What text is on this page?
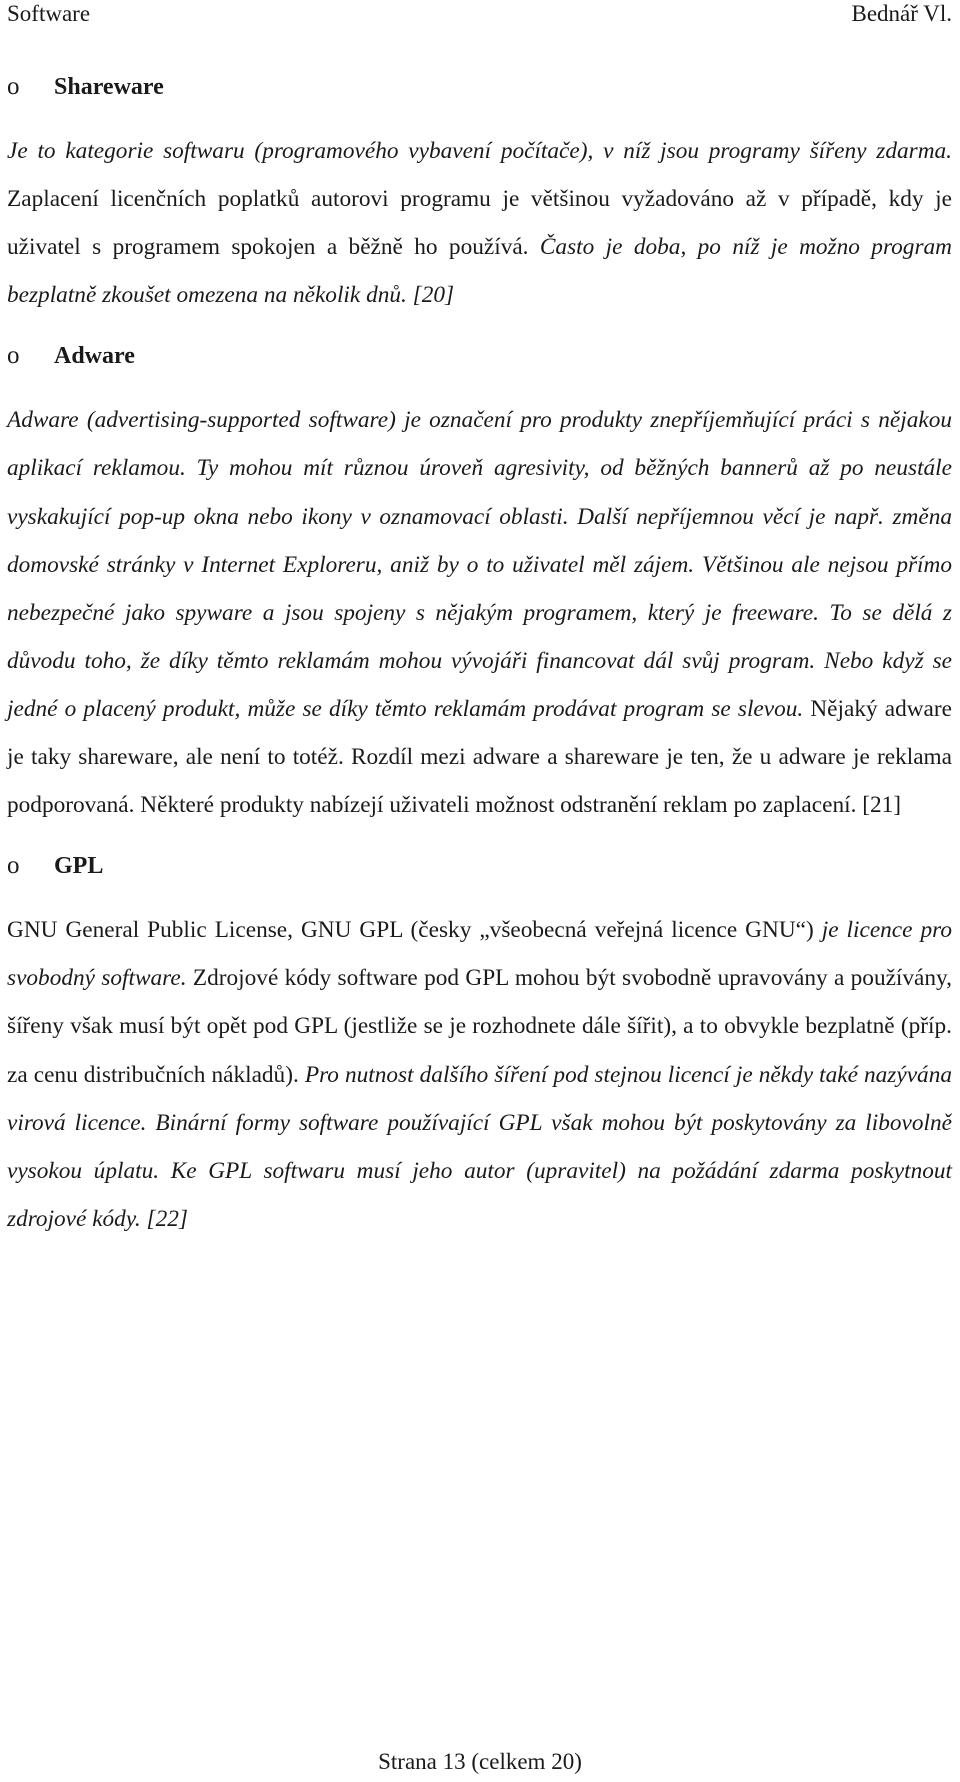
Software	Bednář Vl.
o	Shareware

Je to kategorie softwaru (programového vybavení počítače), v níž jsou programy šířeny zdarma. Zaplacení licenčních poplatků autorovi programu je většinou vyžadováno až v případě, kdy je uživatel s programem spokojen a běžně ho používá. Často je doba, po níž je možno program bezplatně zkoušet omezena na několik dnů. [20]

o	Adware

Adware (advertising-supported software) je označení pro produkty znepříjemňující práci s nějakou aplikací reklamou. Ty mohou mít různou úroveň agresivity, od běžných bannerů až po neustále vyskakující pop-up okna nebo ikony v oznamovací oblasti. Další nepříjemnou věcí je např. změna domovské stránky v Internet Exploreru, aniž by o to uživatel měl zájem. Většinou ale nejsou přímo nebezpečné jako spyware a jsou spojeny s nějakým programem, který je freeware. To se dělá z důvodu toho, že díky těmto reklamám mohou vývojáři financovat dál svůj program. Nebo když se jedné o placený produkt, může se díky těmto reklamám prodávat program se slevou. Nějaký adware je taky shareware, ale není to totéž. Rozdíl mezi adware a shareware je ten, že u adware je reklama podporovaná. Některé produkty nabízejí uživateli možnost odstranění reklam po zaplacení. [21]

o	GPL

GNU General Public License, GNU GPL (česky „všeobecná veřejná licence GNU“) je licence pro svobodný software. Zdrojové kódy software pod GPL mohou být svobodně upravovány a používány, šířeny však musí být opět pod GPL (jestliže se je rozhodnete dále šířit), a to obvykle bezplatně (příp. za cenu distribučních nákladů). Pro nutnost dalšího šíření pod stejnou licencí je někdy také nazývána virová licence. Binární formy software používající GPL však mohou být poskytovány za libovolně vysokou úplatu. Ke GPL softwaru musí jeho autor (upravitel) na požádání zdarma poskytnout zdrojové kódy. [22]

Strana 13 (celkem 20)
